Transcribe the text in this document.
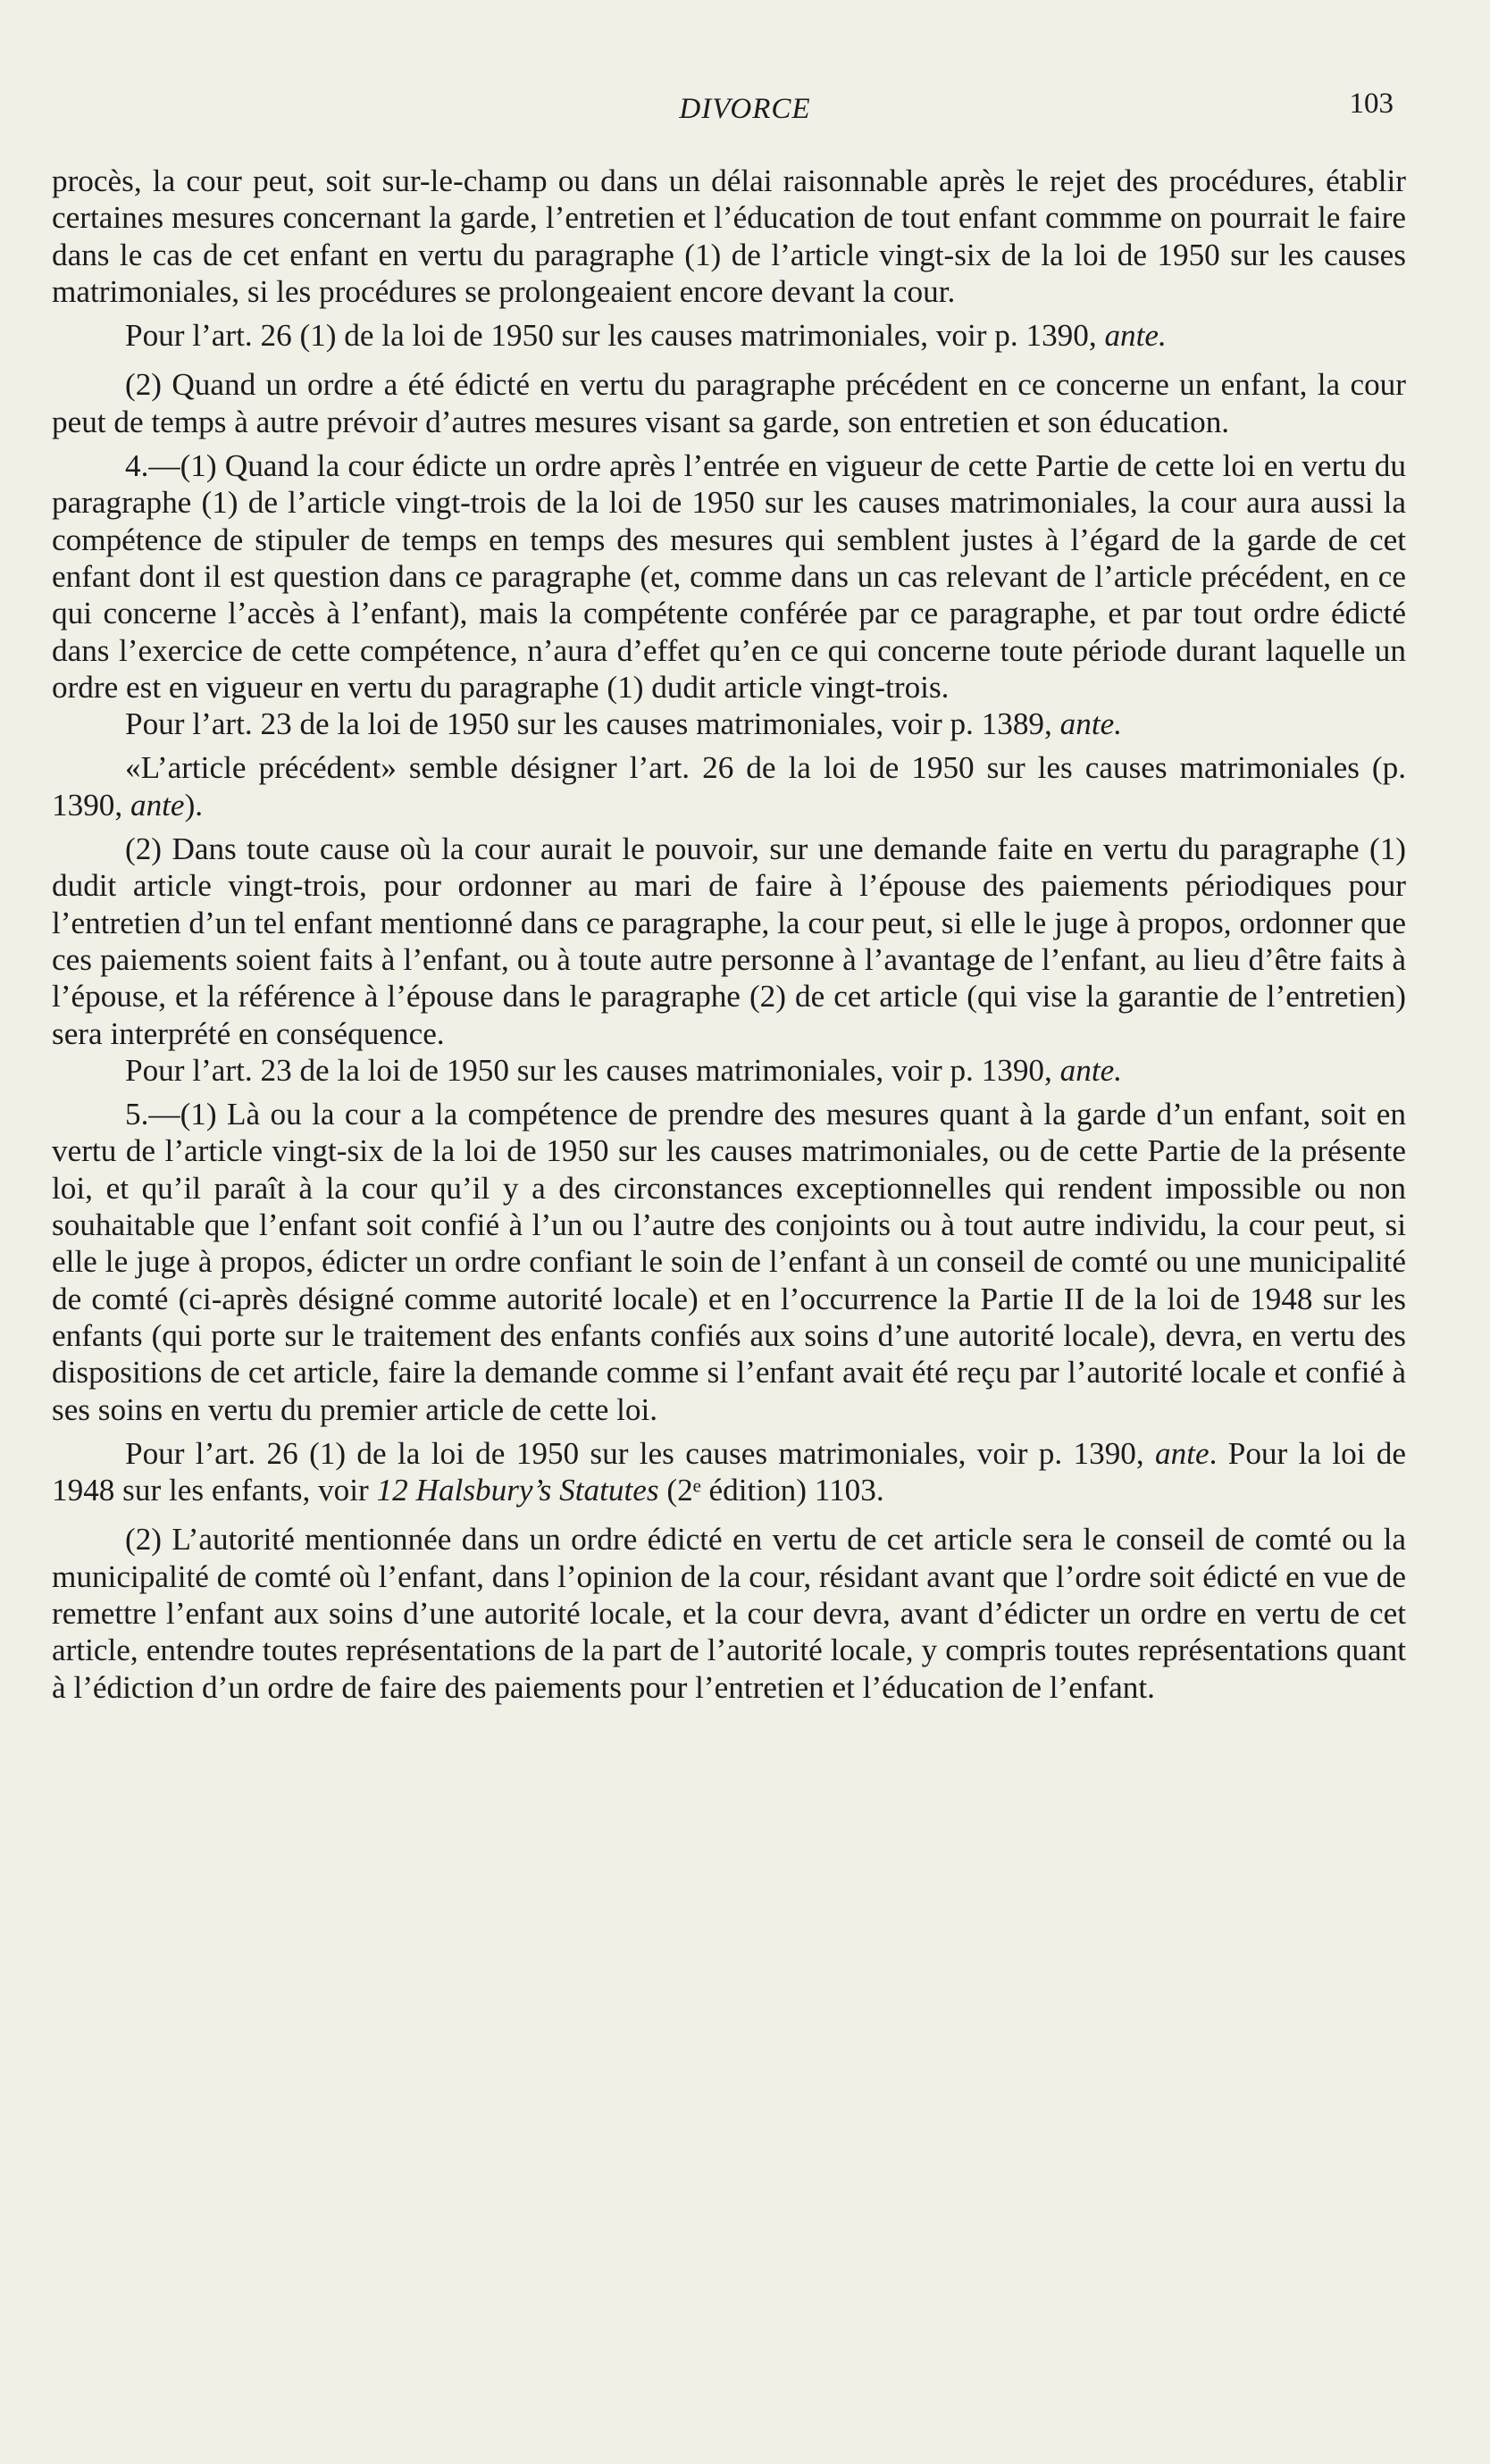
DIVORCE	103

procès, la cour peut, soit sur-le-champ ou dans un délai raisonnable après le rejet des procédures, établir certaines mesures concernant la garde, l’entretien et l’éducation de tout enfant commme on pourrait le faire dans le cas de cet enfant en vertu du paragraphe (1) de l’article vingt-six de la loi de 1950 sur les causes matrimoniales, si les procédures se prolongeaient encore devant la cour.

Pour l’art. 26 (1) de la loi de 1950 sur les causes matrimoniales, voir p. 1390, ante.

(2) Quand un ordre a été édicté en vertu du paragraphe précédent en ce concerne un enfant, la cour peut de temps à autre prévoir d’autres mesures visant sa garde, son entretien et son éducation.

4.—(1) Quand la cour édicte un ordre après l’entrée en vigueur de cette Partie de cette loi en vertu du paragraphe (1) de l’article vingt-trois de la loi de 1950 sur les causes matrimoniales, la cour aura aussi la compétence de stipuler de temps en temps des mesures qui semblent justes à l’égard de la garde de cet enfant dont il est question dans ce paragraphe (et, comme dans un cas relevant de l’article précédent, en ce qui concerne l’accès à l’enfant), mais la compétente conférée par ce paragraphe, et par tout ordre édicté dans l’exercice de cette compétence, n’aura d’effet qu’en ce qui concerne toute période durant laquelle un ordre est en vigueur en vertu du paragraphe (1) dudit article vingt-trois.

Pour l’art. 23 de la loi de 1950 sur les causes matrimoniales, voir p. 1389, ante.

«L’article précédent» semble désigner l’art. 26 de la loi de 1950 sur les causes matrimoniales (p. 1390, ante).

(2) Dans toute cause où la cour aurait le pouvoir, sur une demande faite en vertu du paragraphe (1) dudit article vingt-trois, pour ordonner au mari de faire à l’épouse des paiements périodiques pour l’entretien d’un tel enfant mentionné dans ce paragraphe, la cour peut, si elle le juge à propos, ordonner que ces paiements soient faits à l’enfant, ou à toute autre personne à l’avantage de l’enfant, au lieu d’être faits à l’épouse, et la référence à l’épouse dans le paragraphe (2) de cet article (qui vise la garantie de l’entretien) sera interprété en conséquence.

Pour l’art. 23 de la loi de 1950 sur les causes matrimoniales, voir p. 1390, ante.

5.—(1) Là ou la cour a la compétence de prendre des mesures quant à la garde d’un enfant, soit en vertu de l’article vingt-six de la loi de 1950 sur les causes matrimoniales, ou de cette Partie de la présente loi, et qu’il paraît à la cour qu’il y a des circonstances exceptionnelles qui rendent impossible ou non souhaitable que l’enfant soit confié à l’un ou l’autre des conjoints ou à tout autre individu, la cour peut, si elle le juge à propos, édicter un ordre confiant le soin de l’enfant à un conseil de comté ou une municipalité de comté (ci-après désigné comme autorité locale) et en l’occurrence la Partie II de la loi de 1948 sur les enfants (qui porte sur le traitement des enfants confiés aux soins d’une autorité locale), devra, en vertu des dispositions de cet article, faire la demande comme si l’enfant avait été reçu par l’autorité locale et confié à ses soins en vertu du premier article de cette loi.

Pour l’art. 26 (1) de la loi de 1950 sur les causes matrimoniales, voir p. 1390, ante. Pour la loi de 1948 sur les enfants, voir 12 Halsbury’s Statutes (2ᵉ édition) 1103.

(2) L’autorité mentionnée dans un ordre édicté en vertu de cet article sera le conseil de comté ou la municipalité de comté où l’enfant, dans l’opinion de la cour, résidant avant que l’ordre soit édicté en vue de remettre l’enfant aux soins d’une autorité locale, et la cour devra, avant d’édicter un ordre en vertu de cet article, entendre toutes représentations de la part de l’autorité locale, y compris toutes représentations quant à l’édiction d’un ordre de faire des paiements pour l’entretien et l’éducation de l’enfant.
